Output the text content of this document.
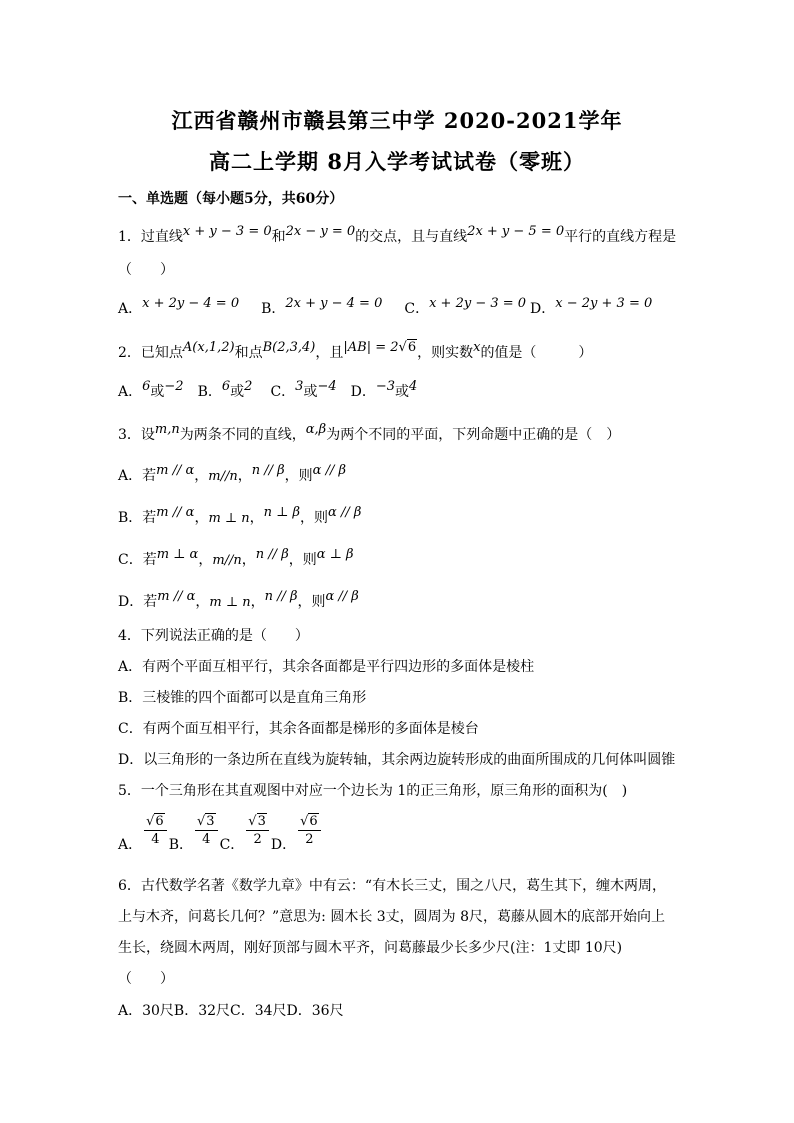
江西省赣州市赣县第三中学 2020-2021学年
高二上学期 8月入学考试试卷（零班）
一、单选题（每小题5分，共60分）
1．过直线x + y − 3 = 0和2x − y = 0的交点，且与直线2x + y − 5 = 0平行的直线方程是
（　　）
A．x + 2y − 4 = 0 B．2x + y − 4 = 0 C．x + 2y − 3 = 0 D．x − 2y + 3 = 0
2．已知点A(x,1,2)和点B(2,3,4)，且|AB| = 2√6，则实数x的值是（　　　）
A．6或−2 B．6或2 C．3或−4 D．−3或4
3．设m,n为两条不同的直线，α,β为两个不同的平面，下列命题中正确的是（　）
A．若m // α，m//n，n // β，则α // β
B．若m // α，m ⊥ n，n ⊥ β，则α // β
C．若m ⊥ α，m//n，n // β，则α ⊥ β
D．若m // α，m ⊥ n，n // β，则α // β
4．下列说法正确的是（　　）
A．有两个平面互相平行，其余各面都是平行四边形的多面体是棱柱
B．三棱锥的四个面都可以是直角三角形
C．有两个面互相平行，其余各面都是梯形的多面体是棱台
D．以三角形的一条边所在直线为旋转轴，其余两边旋转形成的曲面所围成的几何体叫圆锥
5．一个三角形在其直观图中对应一个边长为 1的正三角形，原三角形的面积为(　)
A． $\frac{√6}{4}$ B． $\frac{√3}{4}$ C． $\frac{√3}{2}$ D． $\frac{√6}{2}$
6．古代数学名著《数学九章》中有云：“有木长三丈，围之八尺，葛生其下，缠木两周，
上与木齐，问葛长几何？”意思为: 圆木长 3丈，圆周为 8尺，葛藤从圆木的底部开始向上
生长，绕圆木两周，刚好顶部与圆木平齐，问葛藤最少长多少尺(注：1丈即 10尺)
（　　）
A．30尺B．32尺C．34尺D．36尺
